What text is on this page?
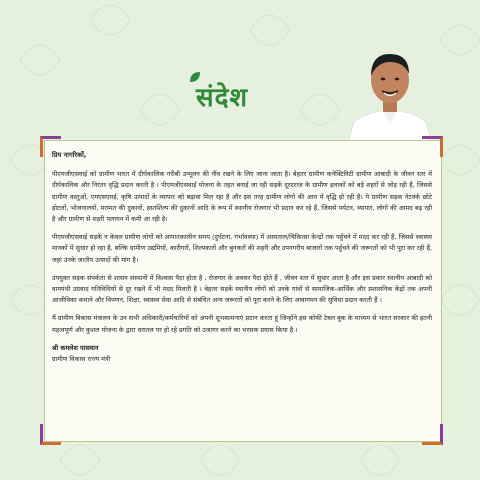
संदेश

प्रिय नागरिकों,

पीएमजीएसवाई को ग्रामीण भारत में दीर्घकालिक गरीबी उन्मूलन की नींव रखने के लिए जाना जाता है। बेहतर ग्रामीण कनेक्टिविटी ग्रामीण आबादी के जीवन स्तर में दीर्घकालिक और निरंतर वृद्धि प्रदान करती है । पीएमजीएसवाई योजना के तहत बनाई जा रही सड़कें दूरदराज के ग्रामीण इलाकों को बड़े शहरों से जोड़ रही हैं, जिससे ग्रामीण वस्तुओं, एमएसएमई, कृषि उत्पादों के व्यापार को बढ़ावा मिल रहा है और इस तरह ग्रामीण लोगों की आय में वृद्धि हो रही है। ये ग्रामीण सड़क नेटवर्क छोटे होटलों, भोजनालयों, मरम्मत की दुकानों, हस्तशिल्प की दुकानों आदि के रूप में स्थानीय रोजगार भी प्रदान कर रहे हैं, जिससे पर्यटन, व्यापार, लोगों की आमद बढ़ रही है और ग्रामीण से शहरी पलायन में कमी आ रही है।

पीएमजीएसवाई सड़कें न केवल ग्रामीण लोगों को आपातकालीन समय (दुर्घटना, गर्भावस्था) में अस्पताल/चिकित्सा केन्द्रों तक पहुँचने में मदद कर रही हैं, जिससे स्वास्थ्य मानकों में सुधार हो रहा है, बल्कि ग्रामीण उद्यमियों, कारीगरों, शिल्पकारों और बुनकरों की शहरी और उपनगरीय बाजारों तक पहुँचने की जरूरतों को भी पूरा कर रही हैं, जहां उनके जातीय उत्पादों की मांग है।

उपयुक्त सड़क संपर्कता से शासन संस्थानों में विश्वास पैदा होता है , रोजगार के अवसर पैदा होते हैं , जीवन स्तर में सुधार आता है और इस प्रकार स्थानीय आबादी को वामपंथी उग्रवाद गतिविधियों से दूर रखने में भी मदद मिलती है । बेहतर सड़कें स्थानीय लोगों को उनके गांवों से सामाजिक-आर्थिक और प्रशासनिक केंद्रों तक अपनी आजीविका कमाने और विपणन, शिक्षा, स्वास्थ्य सेवा आदि से संबंधित अन्य जरूरतों को पूरा करने के लिए आवागमन की सुविधा प्रदान करती हैं ।

मैं ग्रामीण विकास मंत्रालय के उन सभी अधिकारी/कर्मचारियों को अपनी शुभकामनाएं प्रदान करता हूं जिन्होंने इस कॉफी टेबल बुक के माध्यम से भारत सरकार की इतनी महत्वपूर्ण और कुशल योजना के द्वारा धरातल पर हो रहे प्रगति को उजागर करने का भरसक प्रयास किया है ।

श्री कमलेश पासवान

ग्रामीण विकास राज्य मंत्री
